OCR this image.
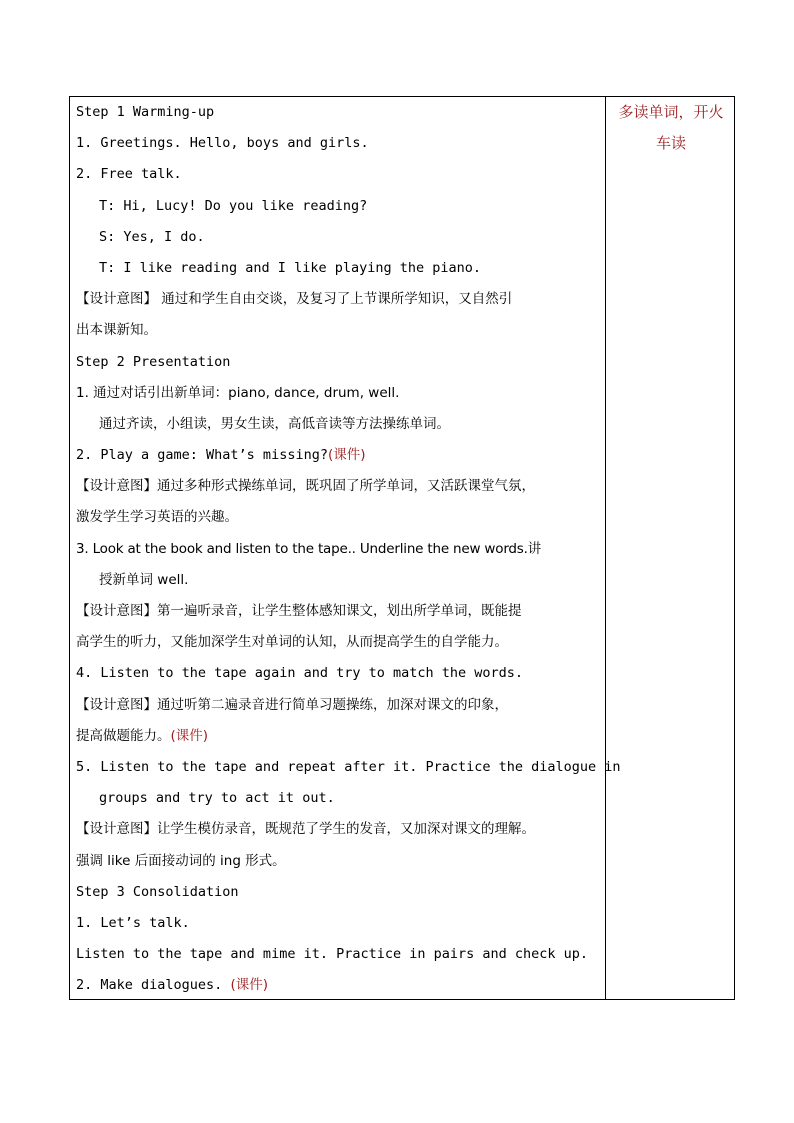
Step 1 Warming-up
1. Greetings. Hello, boys and girls.
2. Free talk.
T: Hi, Lucy! Do you like reading?
S: Yes, I do.
T: I like reading and I like playing the piano.
【设计意图】 通过和学生自由交谈，及复习了上节课所学知识，又自然引
出本课新知。
Step 2 Presentation
1. 通过对话引出新单词：piano, dance, drum, well.
通过齐读，小组读，男女生读，高低音读等方法操练单词。
2. Play a game: What’s missing?(课件)
【设计意图】通过多种形式操练单词，既巩固了所学单词，又活跃课堂气氛，
激发学生学习英语的兴趣。
3. Look at the book and listen to the tape.. Underline the new words.讲
授新单词 well.
【设计意图】第一遍听录音，让学生整体感知课文，划出所学单词，既能提
高学生的听力，又能加深学生对单词的认知，从而提高学生的自学能力。
4. Listen to the tape again and try to match the words.
【设计意图】通过听第二遍录音进行简单习题操练，加深对课文的印象，
提高做题能力。(课件)
5. Listen to the tape and repeat after it. Practice the dialogue in
groups and try to act it out.
【设计意图】让学生模仿录音，既规范了学生的发音，又加深对课文的理解。
强调 like 后面接动词的 ing 形式。
Step 3 Consolidation
1. Let’s talk.
Listen to the tape and mime it. Practice in pairs and check up.
2. Make dialogues. (课件)
多读单词，开火
车读
